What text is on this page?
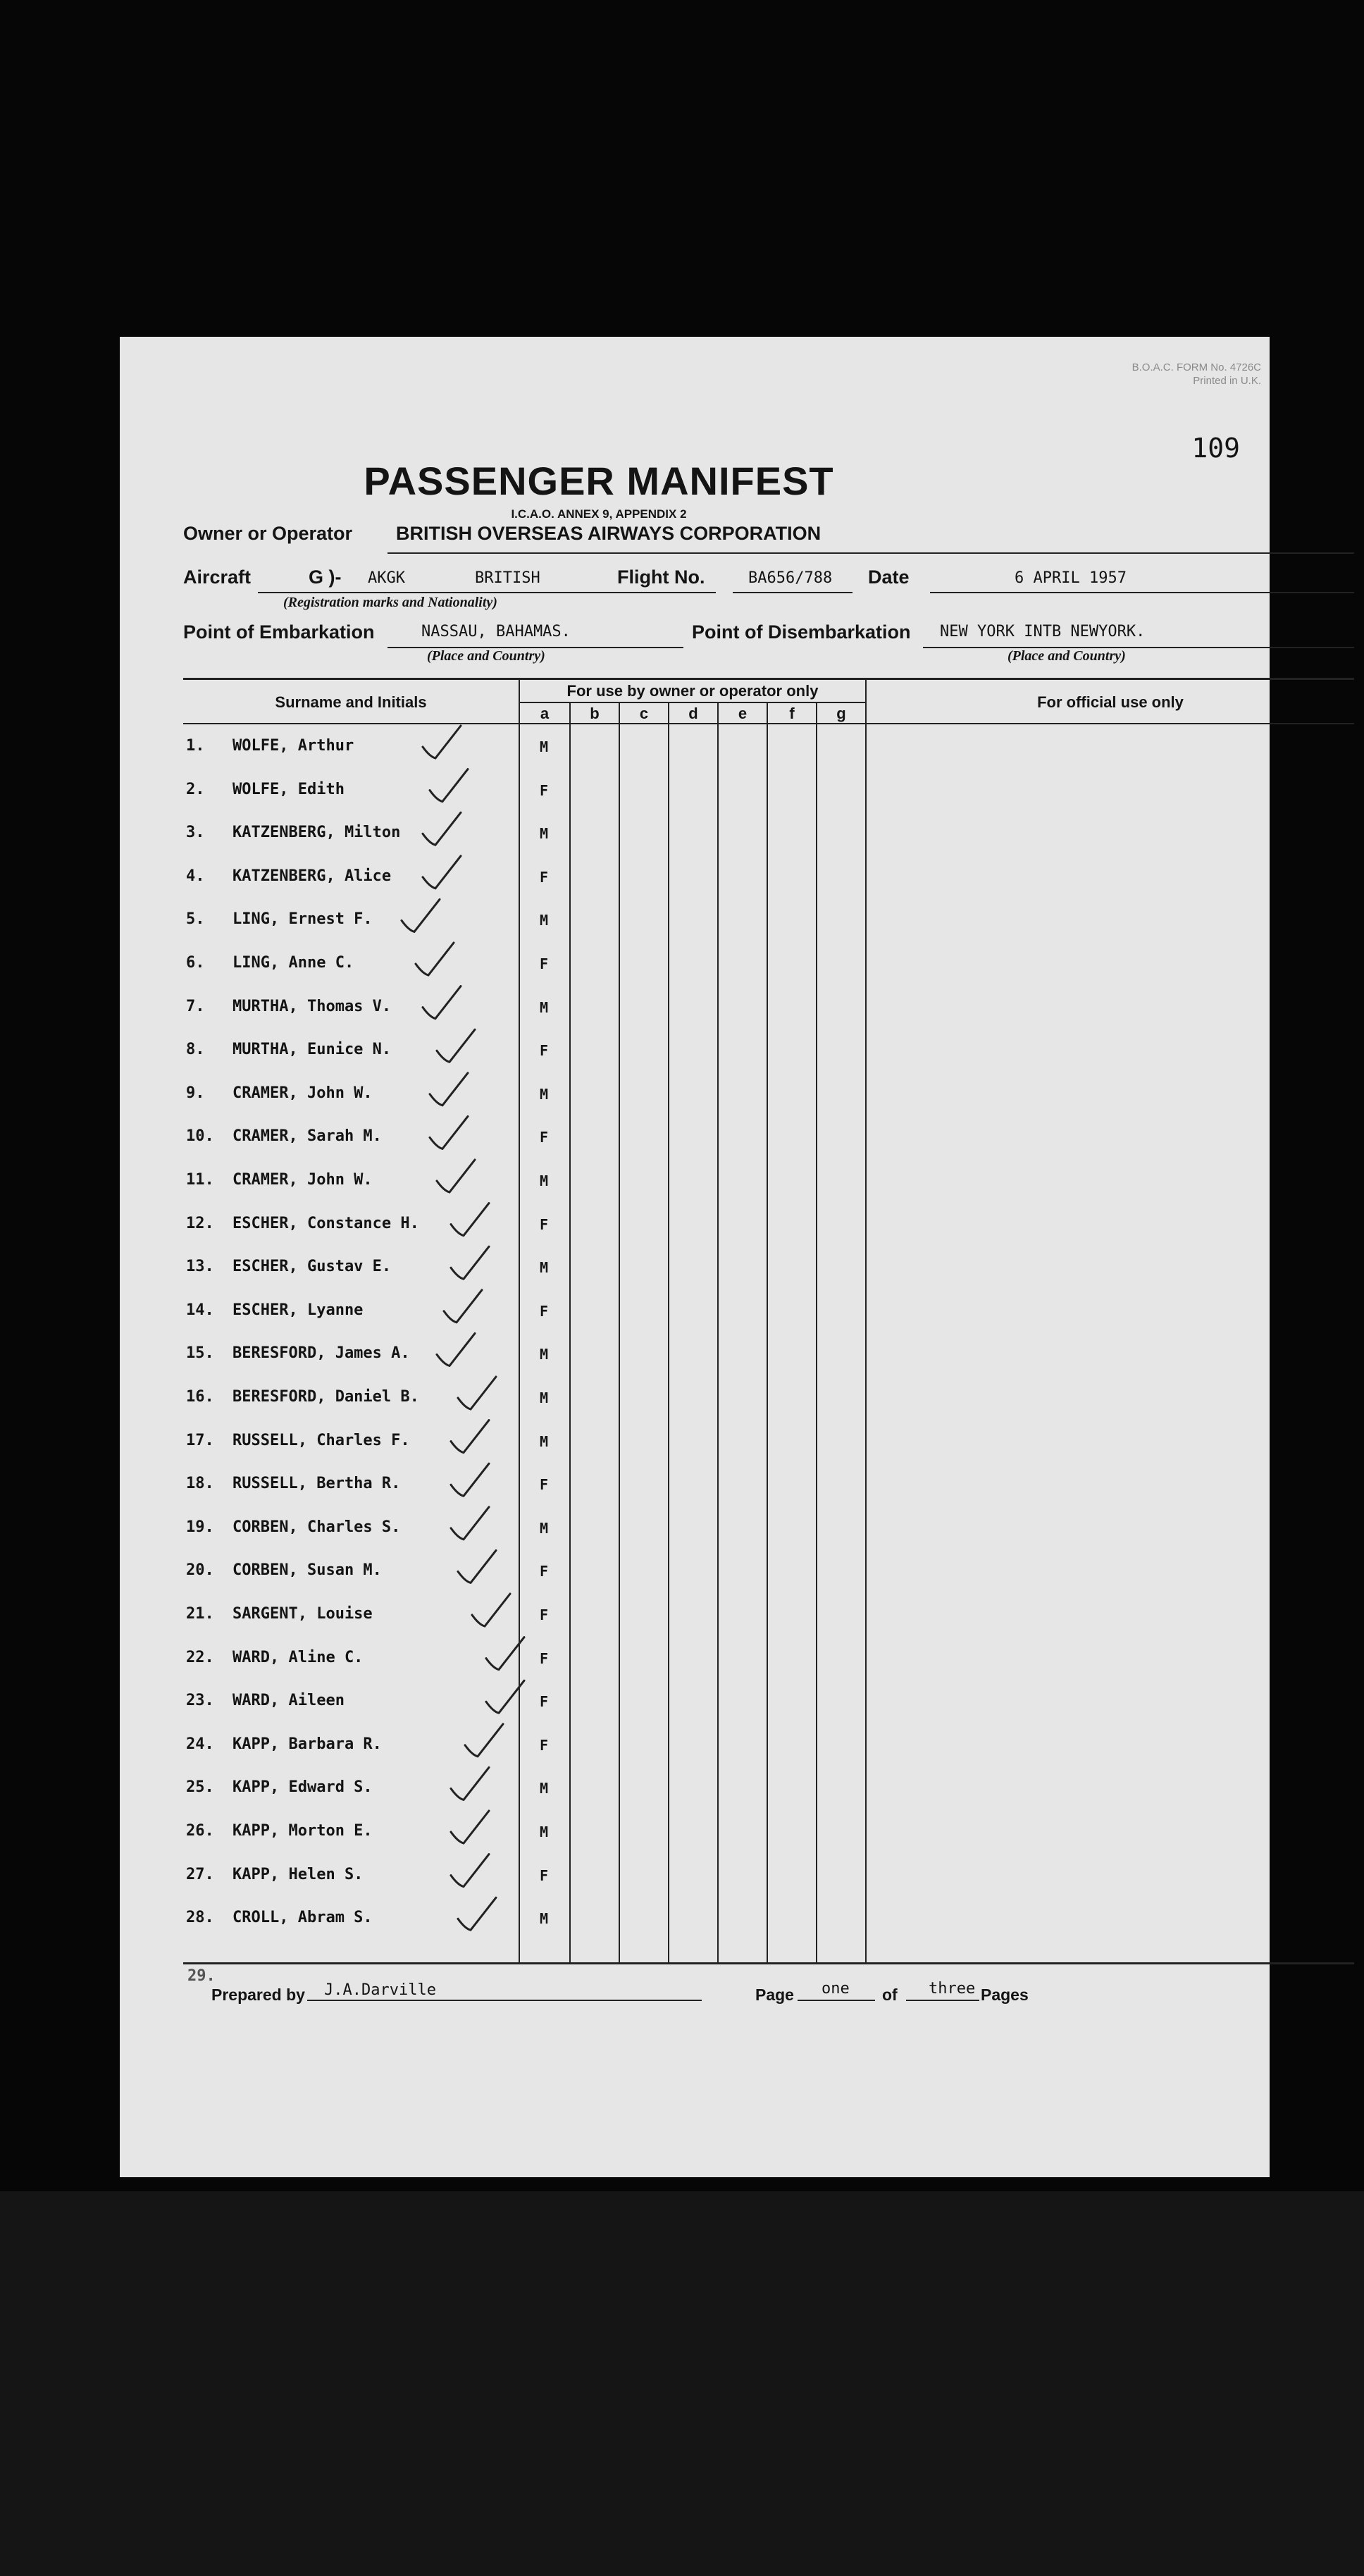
B.O.A.C. FORM No. 4726C
Printed in U.K.
109
PASSENGER MANIFEST
I.C.A.O. ANNEX 9, APPENDIX 2
Owner or Operator BRITISH OVERSEAS AIRWAYS CORPORATION
Aircraft	G )- AKGK	BRITISH	Flight No.	BA656/788 Date	6 APRIL 1957
(Registration marks and Nationality)
Point of Embarkation	NASSAU, BAHAMAS.	Point of Disembarkation NEW YORK INTB NEWYORK.
(Place and Country)	(Place and Country)
Surname and Initials
For use by owner or operator only
For official use only
a	b	c	d	e	f	g
1. WOLFE, Arthur	M
2. WOLFE, Edith	F
3. KATZENBERG, Milton	M
4. KATZENBERG, Alice	F
5. LING, Ernest F.	M
6. LING, Anne C.	F
7. MURTHA, Thomas V.	M
8. MURTHA, Eunice N.	F
9. CRAMER, John W.	M
10. CRAMER, Sarah M.	F
11. CRAMER, John W.	M
12. ESCHER, Constance H.	F
13. ESCHER, Gustav E.	M
14. ESCHER, Lyanne	F
15. BERESFORD, James A.	M
16. BERESFORD, Daniel B.	M
17. RUSSELL, Charles F.	M
18. RUSSELL, Bertha R.	F
19. CORBEN, Charles S.	M
20. CORBEN, Susan M.	F
21. SARGENT, Louise	F
22. WARD, Aline C.	F
23. WARD, Aileen	F
24. KAPP, Barbara R.	F
25. KAPP, Edward S.	M
26. KAPP, Morton E.	M
27. KAPP, Helen S.	F
28. CROLL, Abram S.	M
29.
Prepared by J.A.Darville	Page one of three Pages
